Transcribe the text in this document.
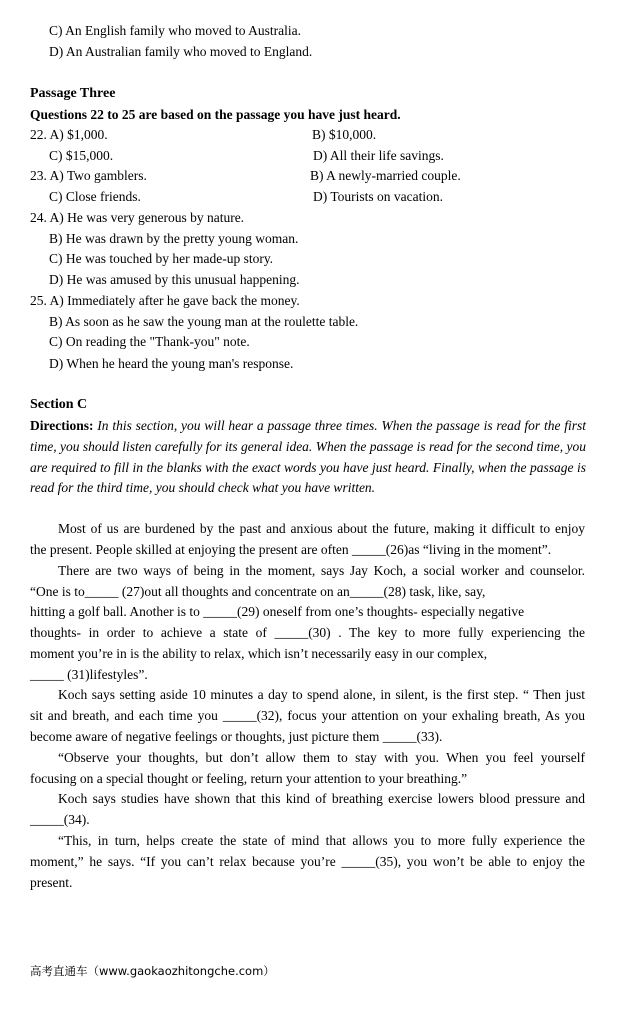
C) An English family who moved to Australia.
D) An Australian family who moved to England.
Passage Three
Questions 22 to 25 are based on the passage you have just heard.
22. A) $1,000.	B) $10,000.
C) $15,000.	D) All their life savings.
23. A) Two gamblers.	B) A newly-married couple.
C) Close friends.	D) Tourists on vacation.
24. A) He was very generous by nature.
B) He was drawn by the pretty young woman.
C) He was touched by her made-up story.
D) He was amused by this unusual happening.
25. A) Immediately after he gave back the money.
B) As soon as he saw the young man at the roulette table.
C) On reading the "Thank-you" note.
D) When he heard the young man's response.
Section C
Directions: In this section, you will hear a passage three times. When the passage is read for the first time, you should listen carefully for its general idea. When the passage is read for the second time, you are required to fill in the blanks with the exact words you have just heard. Finally, when the passage is read for the third time, you should check what you have written.
Most of us are burdened by the past and anxious about the future, making it difficult to enjoy
the present. People skilled at enjoying the present are often _____(26)as “living in the moment”.
There are two ways of being in the moment, says Jay Koch, a social worker and counselor.
“One is to_____ (27)out all thoughts and concentrate on an_____(28) task, like, say,
hitting a golf ball. Another is to _____(29) oneself from one’s thoughts- especially negative
thoughts- in order to achieve a state of _____(30) . The key to more fully experiencing the
moment you’re in is the ability to relax, which isn’t necessarily easy in our complex,
_____ (31)lifestyles”.
Koch says setting aside 10 minutes a day to spend alone, in silent, is the first step. “ Then just
sit and breath, and each time you _____(32), focus your attention on your exhaling breath, As you
become aware of negative feelings or thoughts, just picture them _____(33).
“Observe your thoughts, but don’t allow them to stay with you. When you feel yourself
focusing on a special thought or feeling, return your attention to your breathing.”
Koch says studies have shown that this kind of breathing exercise lowers blood pressure and
_____(34).
“This, in turn, helps create the state of mind that allows you to more fully experience the
moment,” he says. “If you can’t relax because you’re _____(35), you won’t be able to enjoy the
present.
高考直通车（www.gaokaozhitongche.com）
